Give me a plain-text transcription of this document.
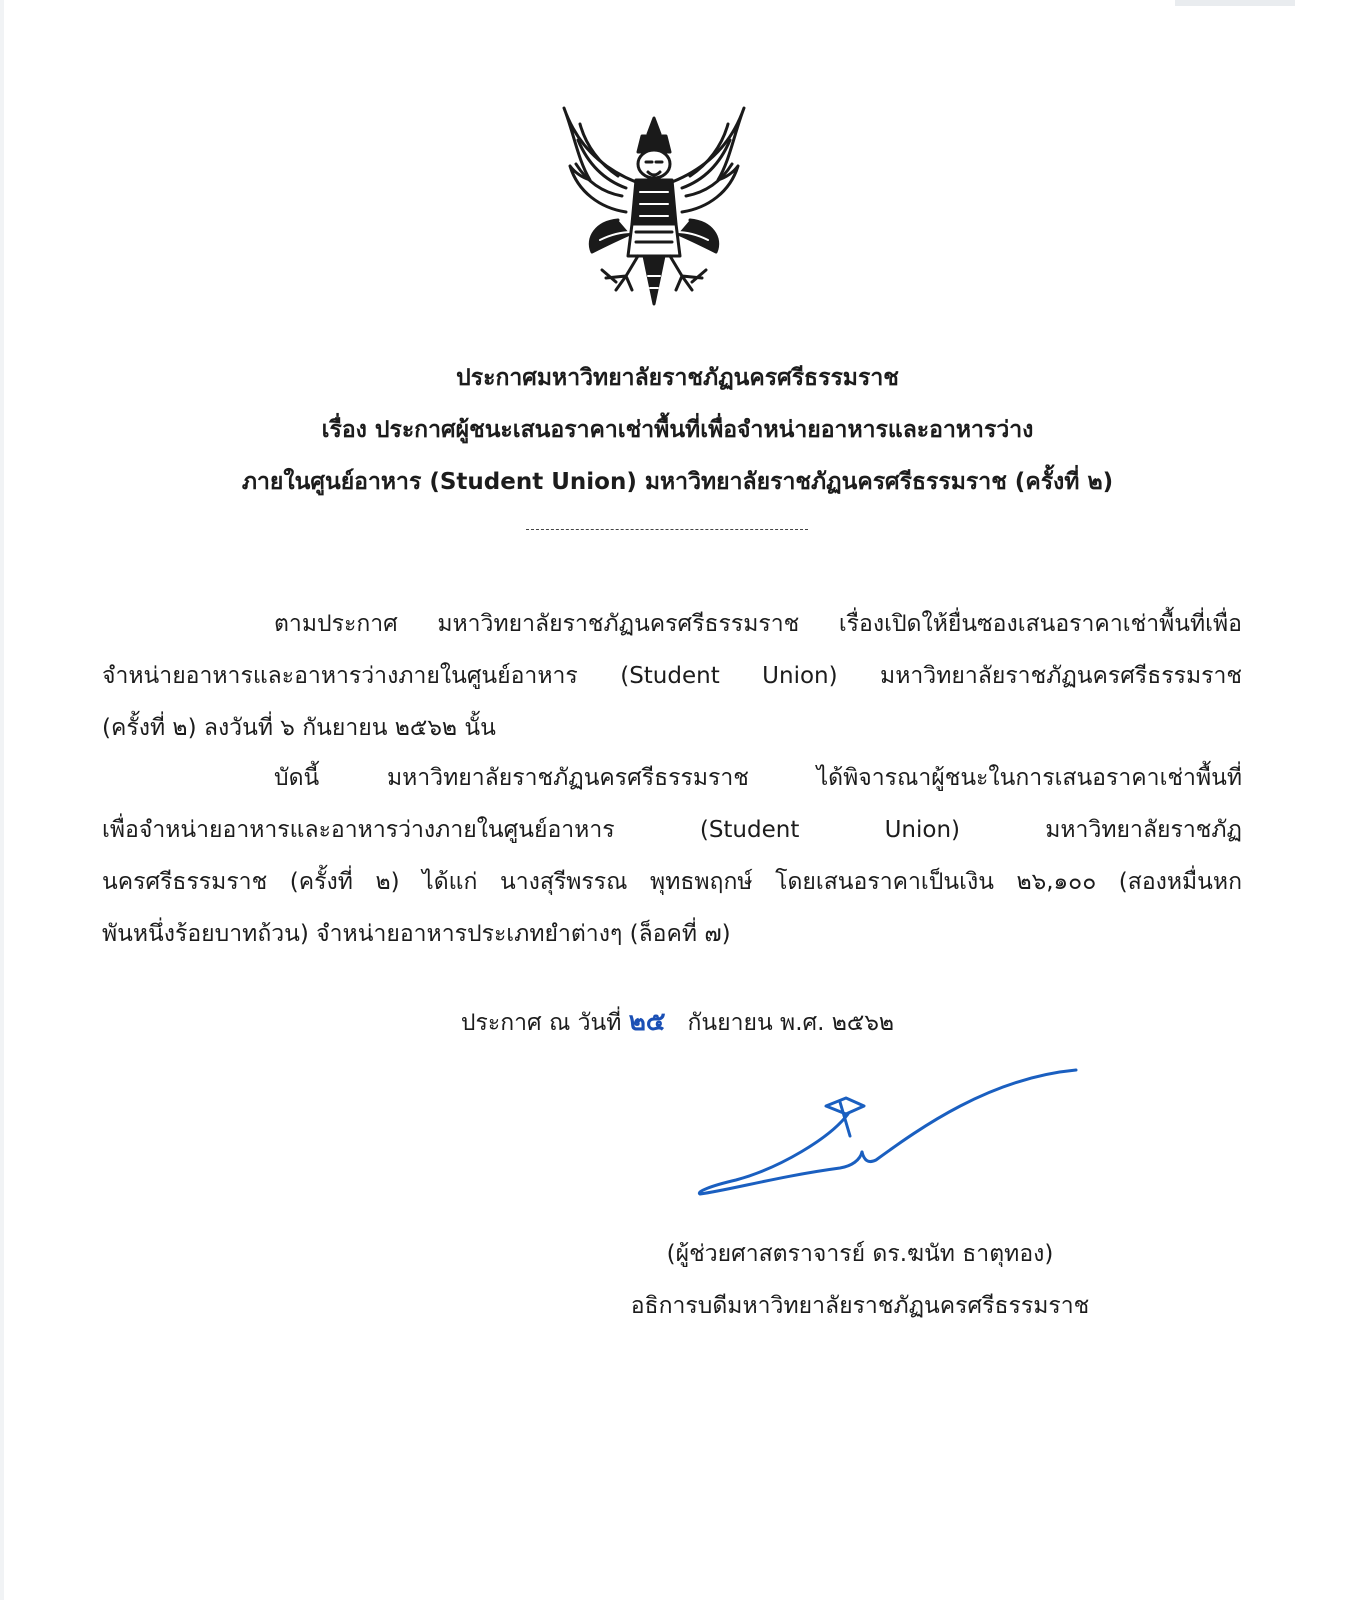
ประกาศมหาวิทยาลัยราชภัฏนครศรีธรรมราช
เรื่อง ประกาศผู้ชนะเสนอราคาเช่าพื้นที่เพื่อจำหน่ายอาหารและอาหารว่าง
ภายในศูนย์อาหาร (Student Union) มหาวิทยาลัยราชภัฏนครศรีธรรมราช (ครั้งที่ ๒)
ตามประกาศ มหาวิทยาลัยราชภัฏนครศรีธรรมราช เรื่องเปิดให้ยื่นซองเสนอราคาเช่าพื้นที่เพื่อ
จำหน่ายอาหารและอาหารว่างภายในศูนย์อาหาร (Student Union) มหาวิทยาลัยราชภัฏนครศรีธรรมราช
(ครั้งที่ ๒) ลงวันที่ ๖ กันยายน ๒๕๖๒ นั้น
บัดนี้ มหาวิทยาลัยราชภัฏนครศรีธรรมราช ได้พิจารณาผู้ชนะในการเสนอราคาเช่าพื้นที่
เพื่อจำหน่ายอาหารและอาหารว่างภายในศูนย์อาหาร (Student Union) มหาวิทยาลัยราชภัฏ
นครศรีธรรมราช (ครั้งที่ ๒) ได้แก่ นางสุรีพรรณ พุทธพฤกษ์ โดยเสนอราคาเป็นเงิน ๒๖,๑๐๐ (สองหมื่นหก
พันหนึ่งร้อยบาทถ้วน) จำหน่ายอาหารประเภทยำต่างๆ (ล็อคที่ ๗)
ประกาศ ณ วันที่ ๒๕ กันยายน พ.ศ. ๒๕๖๒
(ผู้ช่วยศาสตราจารย์ ดร.ฆนัท ธาตุทอง)
อธิการบดีมหาวิทยาลัยราชภัฏนครศรีธรรมราช
